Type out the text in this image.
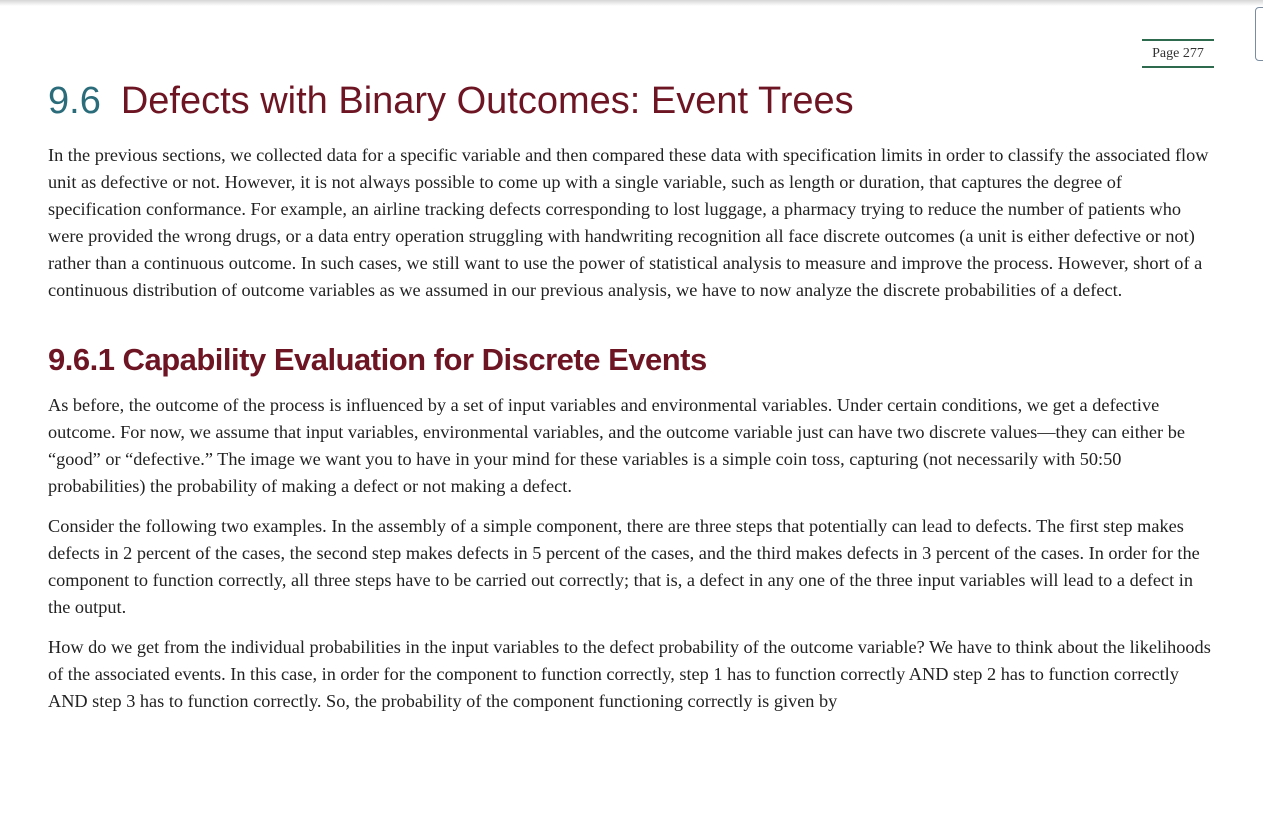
Page 277
9.6 Defects with Binary Outcomes: Event Trees

In the previous sections, we collected data for a specific variable and then compared these data with specification limits in order to classify the associated flow unit as defective or not. However, it is not always possible to come up with a single variable, such as length or duration, that captures the degree of specification conformance. For example, an airline tracking defects corresponding to lost luggage, a pharmacy trying to reduce the number of patients who were provided the wrong drugs, or a data entry operation struggling with handwriting recognition all face discrete outcomes (a unit is either defective or not) rather than a continuous outcome. In such cases, we still want to use the power of statistical analysis to measure and improve the process. However, short of a continuous distribution of outcome variables as we assumed in our previous analysis, we have to now analyze the discrete probabilities of a defect.

9.6.1 Capability Evaluation for Discrete Events

As before, the outcome of the process is influenced by a set of input variables and environmental variables. Under certain conditions, we get a defective outcome. For now, we assume that input variables, environmental variables, and the outcome variable just can have two discrete values—they can either be “good” or “defective.” The image we want you to have in your mind for these variables is a simple coin toss, capturing (not necessarily with 50:50 probabilities) the probability of making a defect or not making a defect.

Consider the following two examples. In the assembly of a simple component, there are three steps that potentially can lead to defects. The first step makes defects in 2 percent of the cases, the second step makes defects in 5 percent of the cases, and the third makes defects in 3 percent of the cases. In order for the component to function correctly, all three steps have to be carried out correctly; that is, a defect in any one of the three input variables will lead to a defect in the output.

How do we get from the individual probabilities in the input variables to the defect probability of the outcome variable? We have to think about the likelihoods of the associated events. In this case, in order for the component to function correctly, step 1 has to function correctly AND step 2 has to function correctly AND step 3 has to function correctly. So, the probability of the component functioning correctly is given by
